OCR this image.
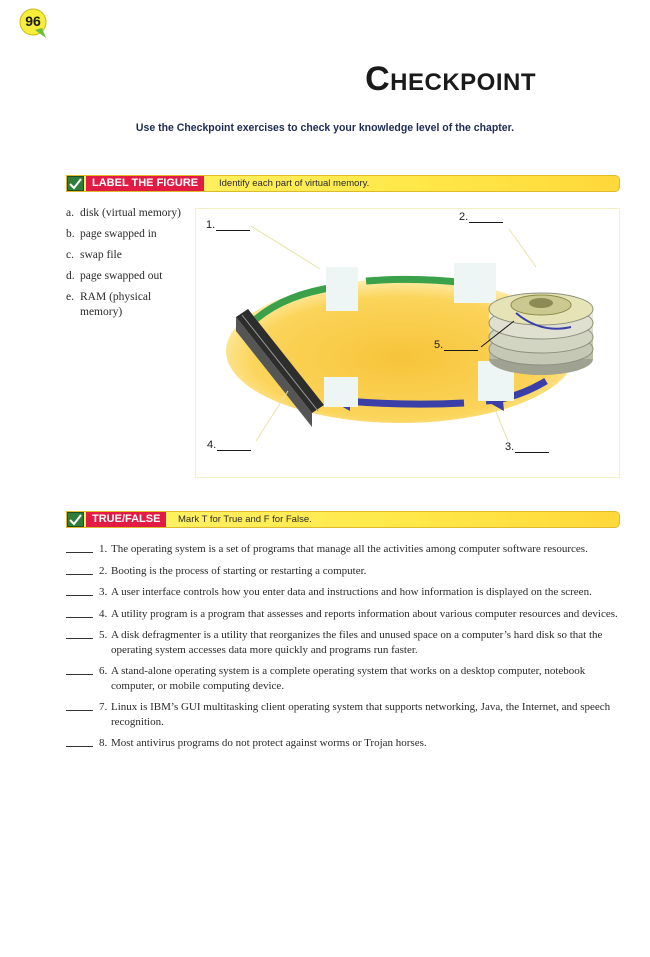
96
Checkpoint
Use the Checkpoint exercises to check your knowledge level of the chapter.
LABEL THE FIGURE	Identify each part of virtual memory.
a. disk (virtual memory)
b. page swapped in
c. swap file
d. page swapped out
e. RAM (physical memory)
1.
2.
3.
4.
5.
TRUE/FALSE	Mark T for True and F for False.
1. The operating system is a set of programs that manage all the activities among computer software resources.
2. Booting is the process of starting or restarting a computer.
3. A user interface controls how you enter data and instructions and how information is displayed on the screen.
4. A utility program is a program that assesses and reports information about various computer resources and devices.
5. A disk defragmenter is a utility that reorganizes the files and unused space on a computer’s hard disk so that the operating system accesses data more quickly and programs run faster.
6. A stand-alone operating system is a complete operating system that works on a desktop computer, notebook computer, or mobile computing device.
7. Linux is IBM’s GUI multitasking client operating system that supports networking, Java, the Internet, and speech recognition.
8. Most antivirus programs do not protect against worms or Trojan horses.
